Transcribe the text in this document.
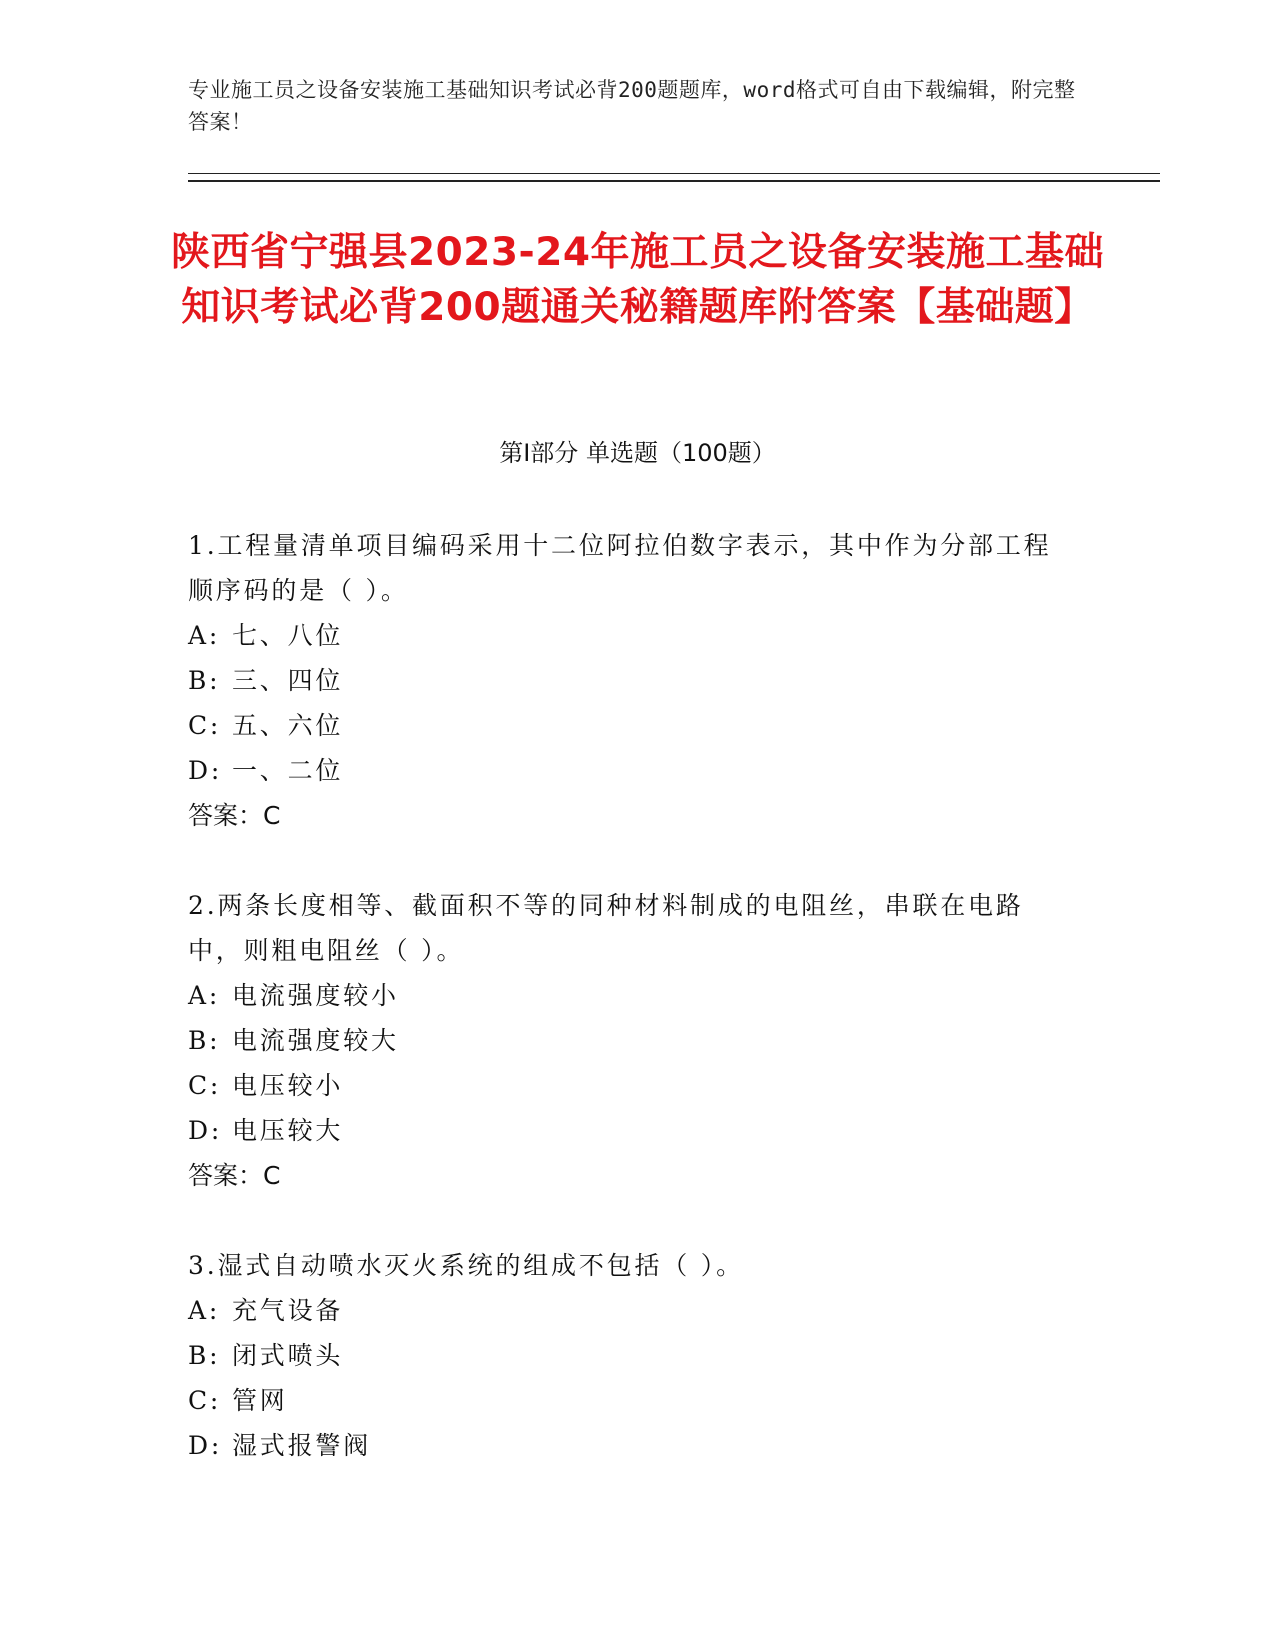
专业施工员之设备安装施工基础知识考试必背200题题库，word格式可自由下载编辑，附完整答案！
陕西省宁强县2023-24年施工员之设备安装施工基础知识考试必背200题通关秘籍题库附答案【基础题】
第Ⅰ部分 单选题（100题）
1.工程量清单项目编码采用十二位阿拉伯数字表示，其中作为分部工程顺序码的是（ ）。
A: 七、八位
B: 三、四位
C: 五、六位
D: 一、二位
答案：C
2.两条长度相等、截面积不等的同种材料制成的电阻丝，串联在电路中，则粗电阻丝（ ）。
A: 电流强度较小
B: 电流强度较大
C: 电压较小
D: 电压较大
答案：C
3.湿式自动喷水灭火系统的组成不包括（ ）。
A: 充气设备
B: 闭式喷头
C: 管网
D: 湿式报警阀
